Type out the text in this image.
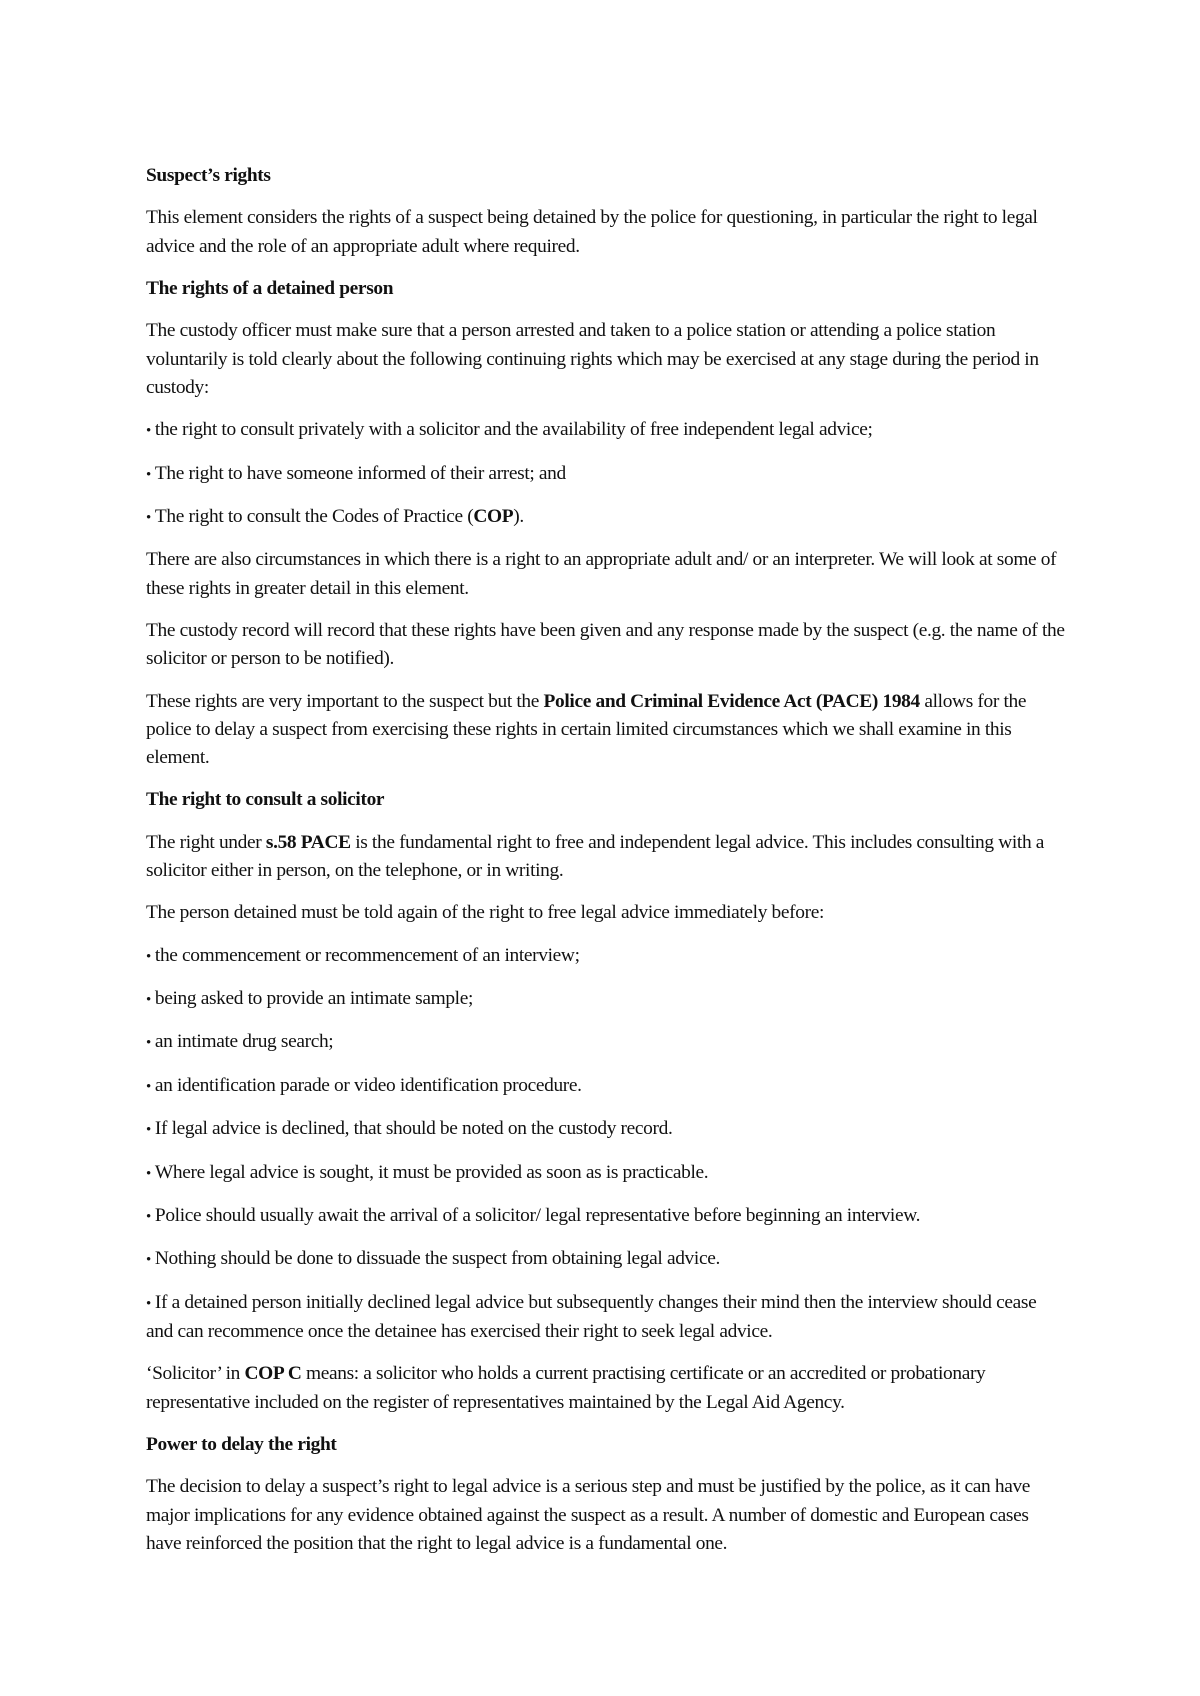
Suspect’s rights

This element considers the rights of a suspect being detained by the police for questioning, in particular the right to legal advice and the role of an appropriate adult where required.

The rights of a detained person

The custody officer must make sure that a person arrested and taken to a police station or attending a police station voluntarily is told clearly about the following continuing rights which may be exercised at any stage during the period in custody:

• the right to consult privately with a solicitor and the availability of free independent legal advice;

• The right to have someone informed of their arrest; and

• The right to consult the Codes of Practice (COP).

There are also circumstances in which there is a right to an appropriate adult and/ or an interpreter. We will look at some of these rights in greater detail in this element.

The custody record will record that these rights have been given and any response made by the suspect (e.g. the name of the solicitor or person to be notified).

These rights are very important to the suspect but the Police and Criminal Evidence Act (PACE) 1984 allows for the police to delay a suspect from exercising these rights in certain limited circumstances which we shall examine in this element.

The right to consult a solicitor

The right under s.58 PACE is the fundamental right to free and independent legal advice. This includes consulting with a solicitor either in person, on the telephone, or in writing.

The person detained must be told again of the right to free legal advice immediately before:

• the commencement or recommencement of an interview;

• being asked to provide an intimate sample;

• an intimate drug search;

• an identification parade or video identification procedure.

• If legal advice is declined, that should be noted on the custody record.

• Where legal advice is sought, it must be provided as soon as is practicable.

• Police should usually await the arrival of a solicitor/ legal representative before beginning an interview.

• Nothing should be done to dissuade the suspect from obtaining legal advice.

• If a detained person initially declined legal advice but subsequently changes their mind then the interview should cease and can recommence once the detainee has exercised their right to seek legal advice.

‘Solicitor’ in COP C means: a solicitor who holds a current practising certificate or an accredited or probationary representative included on the register of representatives maintained by the Legal Aid Agency.

Power to delay the right

The decision to delay a suspect’s right to legal advice is a serious step and must be justified by the police, as it can have major implications for any evidence obtained against the suspect as a result. A number of domestic and European cases have reinforced the position that the right to legal advice is a fundamental one.
